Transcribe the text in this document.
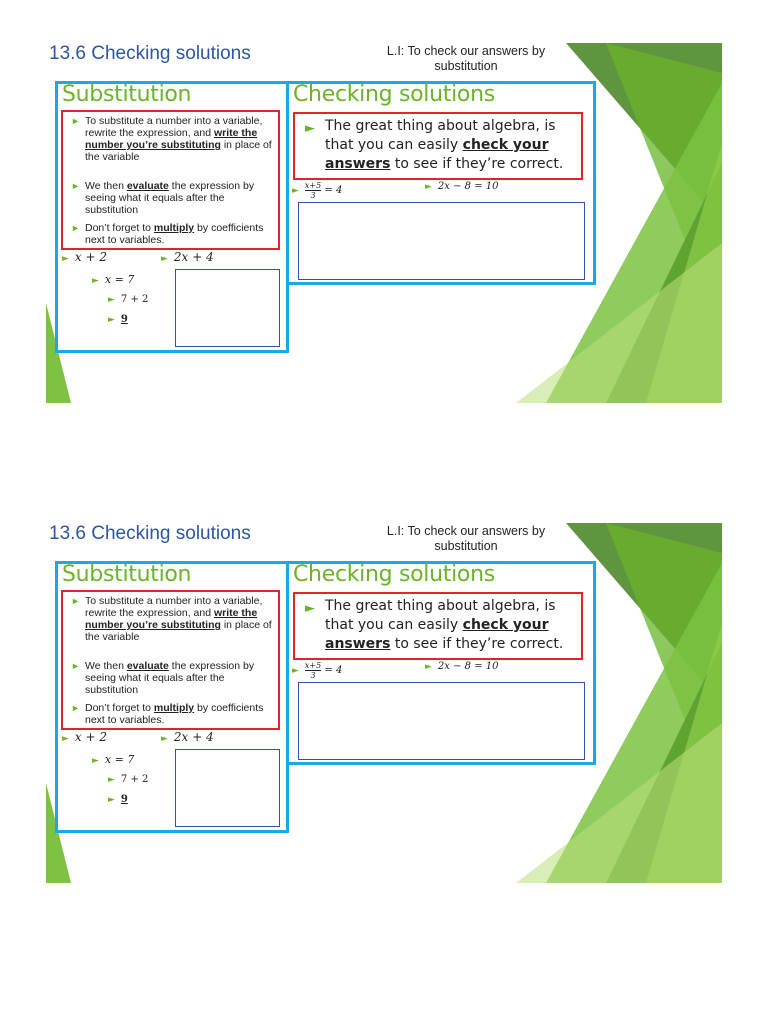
13.6 Checking solutions	L.I: To check our answers by substitution
Substitution	Checking solutions
► To substitute a number into a variable, rewrite the expression, and write the number you’re substituting in place of the variable
► We then evaluate the expression by seeing what it equals after the substitution
► Don’t forget to multiply by coefficients next to variables.
► x + 2	► 2x + 4
► x = 7
► 7 + 2
► 9
► The great thing about algebra, is that you can easily check your answers to see if they’re correct.
► $\frac{x+5}{3} = 4$	► 2x − 8 = 10
13.6 Checking solutions	L.I: To check our answers by substitution
Substitution	Checking solutions
► To substitute a number into a variable, rewrite the expression, and write the number you’re substituting in place of the variable
► We then evaluate the expression by seeing what it equals after the substitution
► Don’t forget to multiply by coefficients next to variables.
► x + 2	► 2x + 4
► x = 7
► 7 + 2
► 9
► The great thing about algebra, is that you can easily check your answers to see if they’re correct.
► $\frac{x+5}{3} = 4$	► 2x − 8 = 10
